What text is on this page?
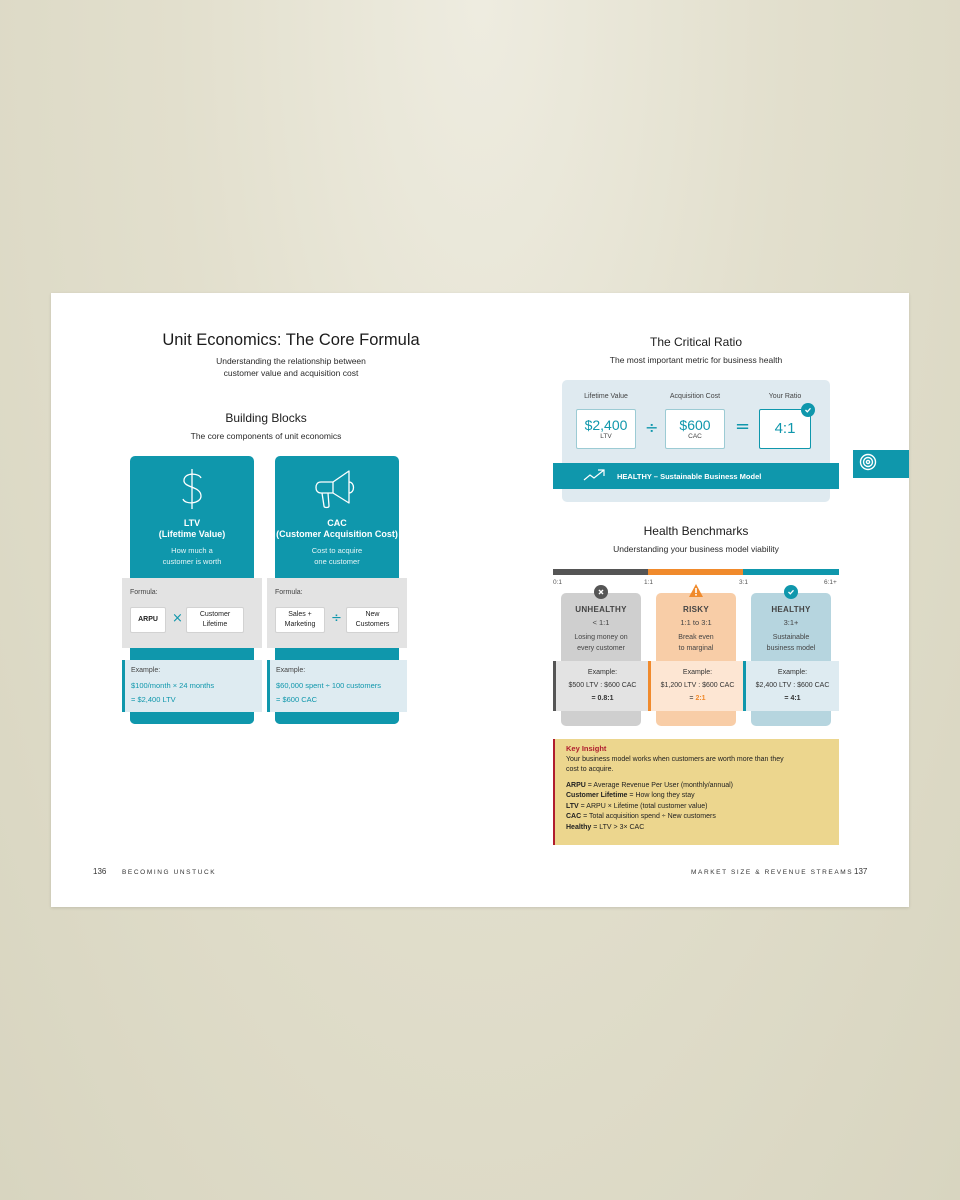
Unit Economics: The Core Formula
Understanding the relationship between
customer value and acquisition cost
Building Blocks
The core components of unit economics
LTV
(Lifetime Value)
How much a
customer is worth
Formula:
ARPU	× Customer
Lifetime
Example:
$100/month × 24 months
= $2,400 LTV
CAC
(Customer Acquisition Cost)
Cost to acquire
one customer
Formula:
Sales +
Marketing ÷	New
Customers
Example:
$60,000 spent ÷ 100 customers
= $600 CAC
136 BECOMING UNSTUCK
The Critical Ratio
The most important metric for business health
Lifetime Value
$2,400
LTV	÷
Acquisition Cost
$600
CAC	=
Your Ratio
4:1
HEALTHY – Sustainable Business Model
Health Benchmarks
Understanding your business model viability
0:1	1:1	3:1	6:1+
UNHEALTHY
< 1:1
Losing money on
every customer
Example:
$500 LTV : $600 CAC
= 0.8:1
RISKY
1:1 to 3:1
Break even
to marginal
Example:
$1,200 LTV : $600 CAC
= 2:1
HEALTHY
3:1+
Sustainable
business model
Example:
$2,400 LTV : $600 CAC
= 4:1
Key Insight
Your business model works when customers are worth more than they
cost to acquire.
ARPU = Average Revenue Per User (monthly/annual)
Customer Lifetime = How long they stay
LTV = ARPU × Lifetime (total customer value)
CAC = Total acquisition spend ÷ New customers
Healthy = LTV > 3× CAC
MARKET SIZE & REVENUE STREAMS 137
